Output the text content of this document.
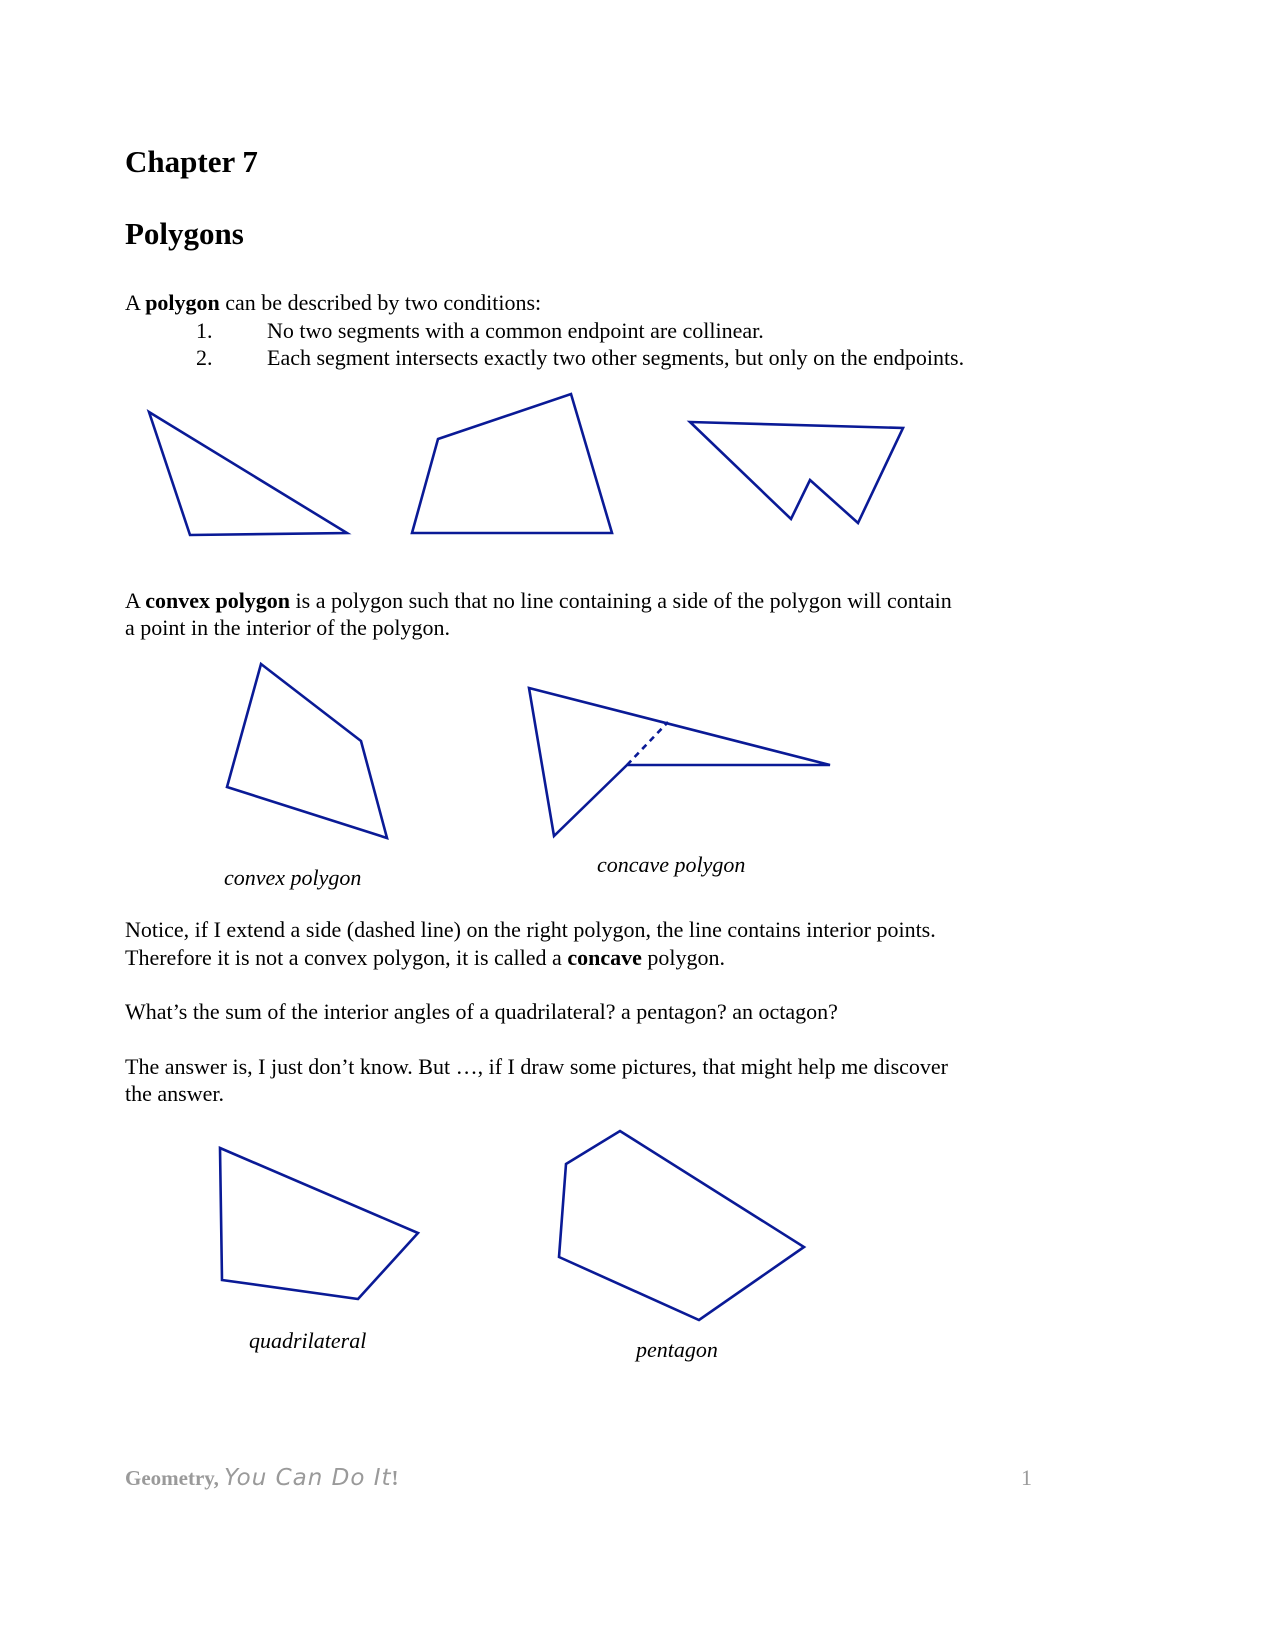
Chapter 7
Polygons
A polygon can be described by two conditions:
1. No two segments with a common endpoint are collinear.
2. Each segment intersects exactly two other segments, but only on the endpoints.
A convex polygon is a polygon such that no line containing a side of the polygon will contain
a point in the interior of the polygon.
convex polygon
concave polygon
Notice, if I extend a side (dashed line) on the right polygon, the line contains interior points.
Therefore it is not a convex polygon, it is called a concave polygon.
What’s the sum of the interior angles of a quadrilateral? a pentagon? an octagon?
The answer is, I just don’t know. But …, if I draw some pictures, that might help me discover
the answer.
quadrilateral	pentagon
Geometry, You Can Do It!	1
